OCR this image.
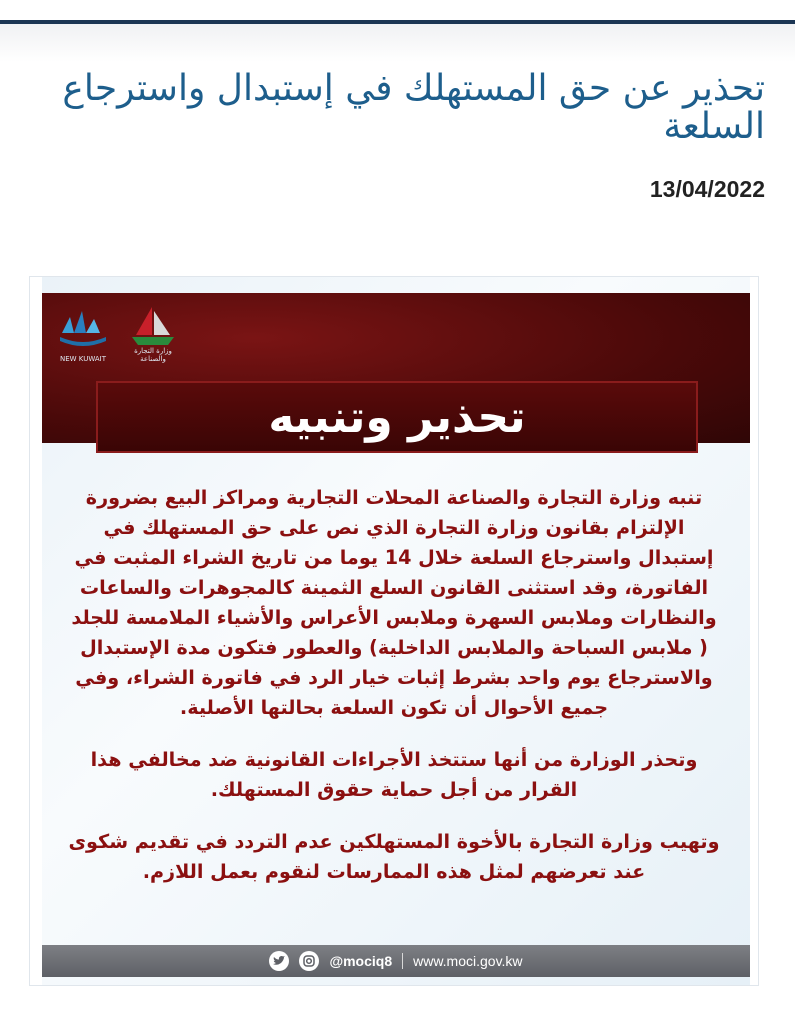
تحذير عن حق المستهلك في إستبدال واسترجاع السلعة
13/04/2022
NEW KUWAIT
وزارة التجارة والصناعة
تحذير وتنبيه

تنبه وزارة التجارة والصناعة المحلات التجارية ومراكز البيع بضرورة الإلتزام بقانون وزارة التجارة الذي نص على حق المستهلك في إستبدال واسترجاع السلعة خلال 14 يوما من تاريخ الشراء المثبت في الفاتورة، وقد استثنى القانون السلع الثمينة كالمجوهرات والساعات والنظارات وملابس السهرة وملابس الأعراس والأشياء الملامسة للجلد ( ملابس السباحة والملابس الداخلية) والعطور فتكون مدة الإستبدال والاسترجاع يوم واحد بشرط إثبات خيار الرد في فاتورة الشراء، وفي جميع الأحوال أن تكون السلعة بحالتها الأصلية.

وتحذر الوزارة من أنها ستتخذ الأجراءات القانونية ضد مخالفي هذا القرار من أجل حماية حقوق المستهلك.

وتهيب وزارة التجارة بالأخوة المستهلكين عدم التردد في تقديم شكوى عند تعرضهم لمثل هذه الممارسات لنقوم بعمل اللازم.

@mociq8 www.moci.gov.kw
